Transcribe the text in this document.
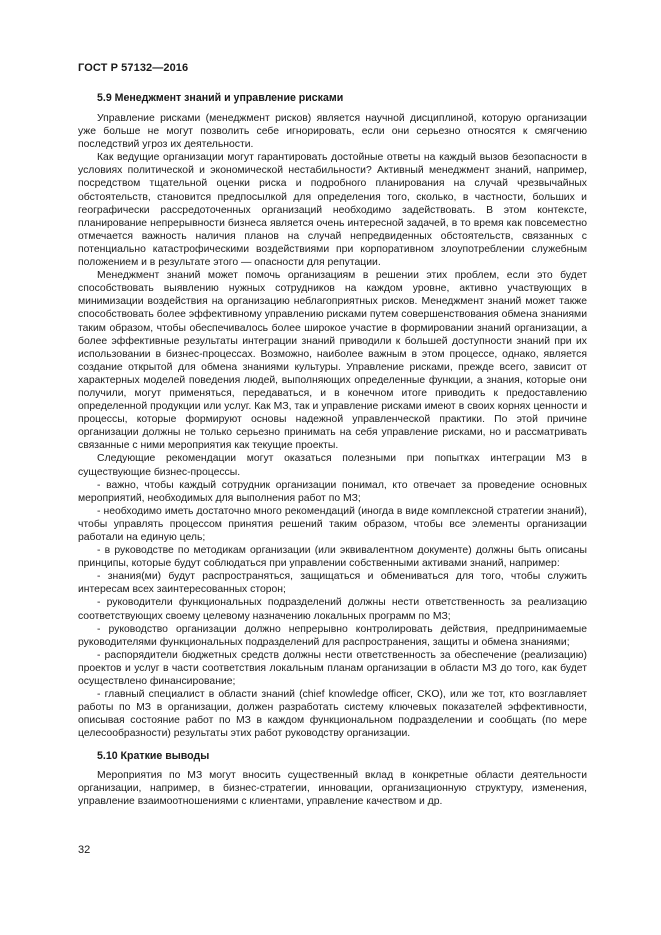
ГОСТ Р 57132—2016
5.9 Менеджмент знаний и управление рисками

Управление рисками (менеджмент рисков) является научной дисциплиной, которую организации уже больше не могут позволить себе игнорировать, если они серьезно относятся к смягчению последствий угроз их деятельности.

Как ведущие организации могут гарантировать достойные ответы на каждый вызов безопасности в условиях политической и экономической нестабильности? Активный менеджмент знаний, например, посредством тщательной оценки риска и подробного планирования на случай чрезвычайных обстоятельств, становится предпосылкой для определения того, сколько, в частности, больших и географически рассредоточенных организаций необходимо задействовать. В этом контексте, планирование непрерывности бизнеса является очень интересной задачей, в то время как повсеместно отмечается важность наличия планов на случай непредвиденных обстоятельств, связанных с потенциально катастрофическими воздействиями при корпоративном злоупотреблении служебным положением и в результате этого — опасности для репутации.

Менеджмент знаний может помочь организациям в решении этих проблем, если это будет способствовать выявлению нужных сотрудников на каждом уровне, активно участвующих в минимизации воздействия на организацию неблагоприятных рисков. Менеджмент знаний может также способствовать более эффективному управлению рисками путем совершенствования обмена знаниями таким образом, чтобы обеспечивалось более широкое участие в формировании знаний организации, а более эффективные результаты интеграции знаний приводили к большей доступности знаний при их использовании в бизнес-процессах. Возможно, наиболее важным в этом процессе, однако, является создание открытой для обмена знаниями культуры. Управление рисками, прежде всего, зависит от характерных моделей поведения людей, выполняющих определенные функции, а знания, которые они получили, могут применяться, передаваться, и в конечном итоге приводить к предоставлению определенной продукции или услуг. Как МЗ, так и управление рисками имеют в своих корнях ценности и процессы, которые формируют основы надежной управленческой практики. По этой причине организации должны не только серьезно принимать на себя управление рисками, но и рассматривать связанные с ними мероприятия как текущие проекты.

Следующие рекомендации могут оказаться полезными при попытках интеграции МЗ в существующие бизнес-процессы.

- важно, чтобы каждый сотрудник организации понимал, кто отвечает за проведение основных мероприятий, необходимых для выполнения работ по МЗ;

- необходимо иметь достаточно много рекомендаций (иногда в виде комплексной стратегии знаний), чтобы управлять процессом принятия решений таким образом, чтобы все элементы организации работали на единую цель;

- в руководстве по методикам организации (или эквивалентном документе) должны быть описаны принципы, которые будут соблюдаться при управлении собственными активами знаний, например:

- знания(ми) будут распространяться, защищаться и обмениваться для того, чтобы служить интересам всех заинтересованных сторон;

- руководители функциональных подразделений должны нести ответственность за реализацию соответствующих своему целевому назначению локальных программ по МЗ;

- руководство организации должно непрерывно контролировать действия, предпринимаемые руководителями функциональных подразделений для распространения, защиты и обмена знаниями;

- распорядители бюджетных средств должны нести ответственность за обеспечение (реализацию) проектов и услуг в части соответствия локальным планам организации в области МЗ до того, как будет осуществлено финансирование;

- главный специалист в области знаний (chief knowledge officer, CKO), или же тот, кто возглавляет работы по МЗ в организации, должен разработать систему ключевых показателей эффективности, описывая состояние работ по МЗ в каждом функциональном подразделении и сообщать (по мере целесообразности) результаты этих работ руководству организации.

5.10 Краткие выводы

Мероприятия по МЗ могут вносить существенный вклад в конкретные области деятельности организации, например, в бизнес-стратегии, инновации, организационную структуру, изменения, управление взаимоотношениями с клиентами, управление качеством и др.

32
